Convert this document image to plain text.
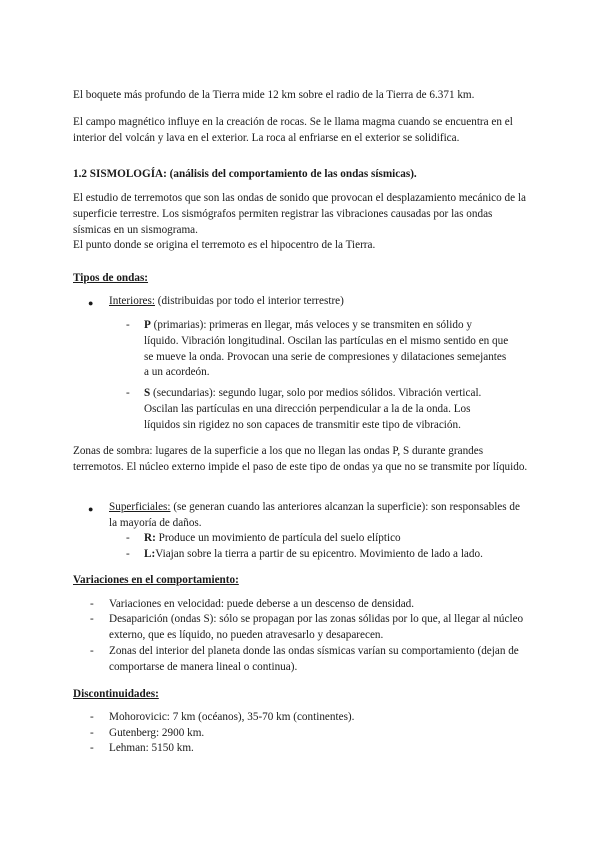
El boquete más profundo de la Tierra mide 12 km sobre el radio de la Tierra de 6.371 km.

El campo magnético influye en la creación de rocas. Se le llama magma cuando se encuentra en el interior del volcán y lava en el exterior. La roca al enfriarse en el exterior se solidifica.

1.2 SISMOLOGÍA: (análisis del comportamiento de las ondas sísmicas).

El estudio de terremotos que son las ondas de sonido que provocan el desplazamiento mecánico de la superficie terrestre. Los sismógrafos permiten registrar las vibraciones causadas por las ondas sísmicas en un sismograma.

El punto donde se origina el terremoto es el hipocentro de la Tierra.

Tipos de ondas:

● Interiores: (distribuidas por todo el interior terrestre)

- P (primarias): primeras en llegar, más veloces y se transmiten en sólido y líquido. Vibración longitudinal. Oscilan las partículas en el mismo sentido en que se mueve la onda. Provocan una serie de compresiones y dilataciones semejantes a un acordeón.

- S (secundarias): segundo lugar, solo por medios sólidos. Vibración vertical. Oscilan las partículas en una dirección perpendicular a la de la onda. Los líquidos sin rigidez no son capaces de transmitir este tipo de vibración.

Zonas de sombra: lugares de la superficie a los que no llegan las ondas P, S durante grandes terremotos. El núcleo externo impide el paso de este tipo de ondas ya que no se transmite por líquido.

● Superficiales: (se generan cuando las anteriores alcanzan la superficie): son responsables de la mayoría de daños.

- R: Produce un movimiento de partícula del suelo elíptico

- L:Viajan sobre la tierra a partir de su epicentro. Movimiento de lado a lado.

Variaciones en el comportamiento:

- Variaciones en velocidad: puede deberse a un descenso de densidad.

- Desaparición (ondas S): sólo se propagan por las zonas sólidas por lo que, al llegar al núcleo externo, que es líquido, no pueden atravesarlo y desaparecen.

- Zonas del interior del planeta donde las ondas sísmicas varían su comportamiento (dejan de comportarse de manera lineal o continua).

Discontinuidades:

- Mohorovicic: 7 km (océanos), 35-70 km (continentes).

- Gutenberg: 2900 km.

- Lehman: 5150 km.
